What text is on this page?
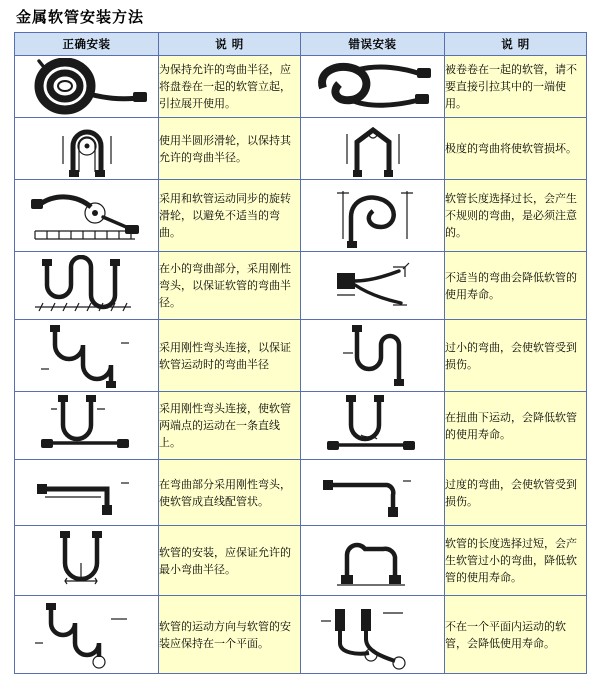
金属软管安装方法
正确安装	说 明	错误安装	说 明

	为保持允许的弯曲半径，应将盘卷在一起的软管立起，引拉展开使用。		被卷卷在一起的软管，请不要直接引拉其中的一端使用。

	使用半圆形滑轮，以保持其允许的弯曲半径。		极度的弯曲将使软管损坏。

	采用和软管运动同步的旋转滑轮，以避免不适当的弯曲。		软管长度选择过长，会产生不规则的弯曲，是必须注意的。

	在小的弯曲部分，采用刚性弯头，以保证软管的弯曲半径。		不适当的弯曲会降低软管的使用寿命。

	采用刚性弯头连接，以保证软管运动时的弯曲半径		过小的弯曲，会使软管受到损伤。

	采用刚性弯头连接，使软管两端点的运动在一条直线上。		在扭曲下运动，会降低软管的使用寿命。

	在弯曲部分采用刚性弯头，使软管成直线配管状。		过度的弯曲，会使软管受到损伤。

	软管的安装，应保证允许的最小弯曲半径。		软管的长度选择过短，会产生软管过小的弯曲，降低软管的使用寿命。

	软管的运动方向与软管的安装应保持在一个平面。		不在一个平面内运动的软管，会降低使用寿命。
